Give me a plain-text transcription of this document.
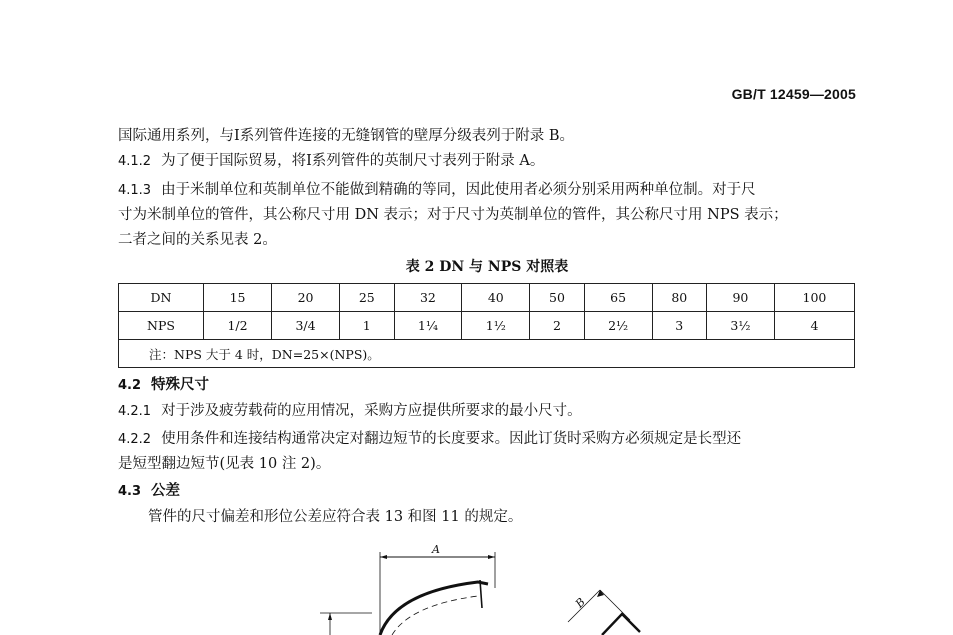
GB/T 12459—2005
国际通用系列，与Ⅰ系列管件连接的无缝钢管的壁厚分级表列于附录 B。
4.1.2 为了便于国际贸易，将Ⅰ系列管件的英制尺寸表列于附录 A。
4.1.3 由于米制单位和英制单位不能做到精确的等同，因此使用者必须分别采用两种单位制。对于尺
寸为米制单位的管件，其公称尺寸用 DN 表示；对于尺寸为英制单位的管件，其公称尺寸用 NPS 表示；
二者之间的关系见表 2。
表 2 DN 与 NPS 对照表
DN	15	20	25	32	40	50	65	80	90	100
NPS	1/2	3/4	1	1¼	1½	2	2½	3	3½	4
注：NPS 大于 4 时，DN=25×(NPS)。										
4.2 特殊尺寸
4.2.1 对于涉及疲劳载荷的应用情况，采购方应提供所要求的最小尺寸。
4.2.2 使用条件和连接结构通常决定对翻边短节的长度要求。因此订货时采购方必须规定是长型还
是短型翻边短节(见表 10 注 2)。
4.3 公差
管件的尺寸偏差和形位公差应符合表 13 和图 11 的规定。
A
B
